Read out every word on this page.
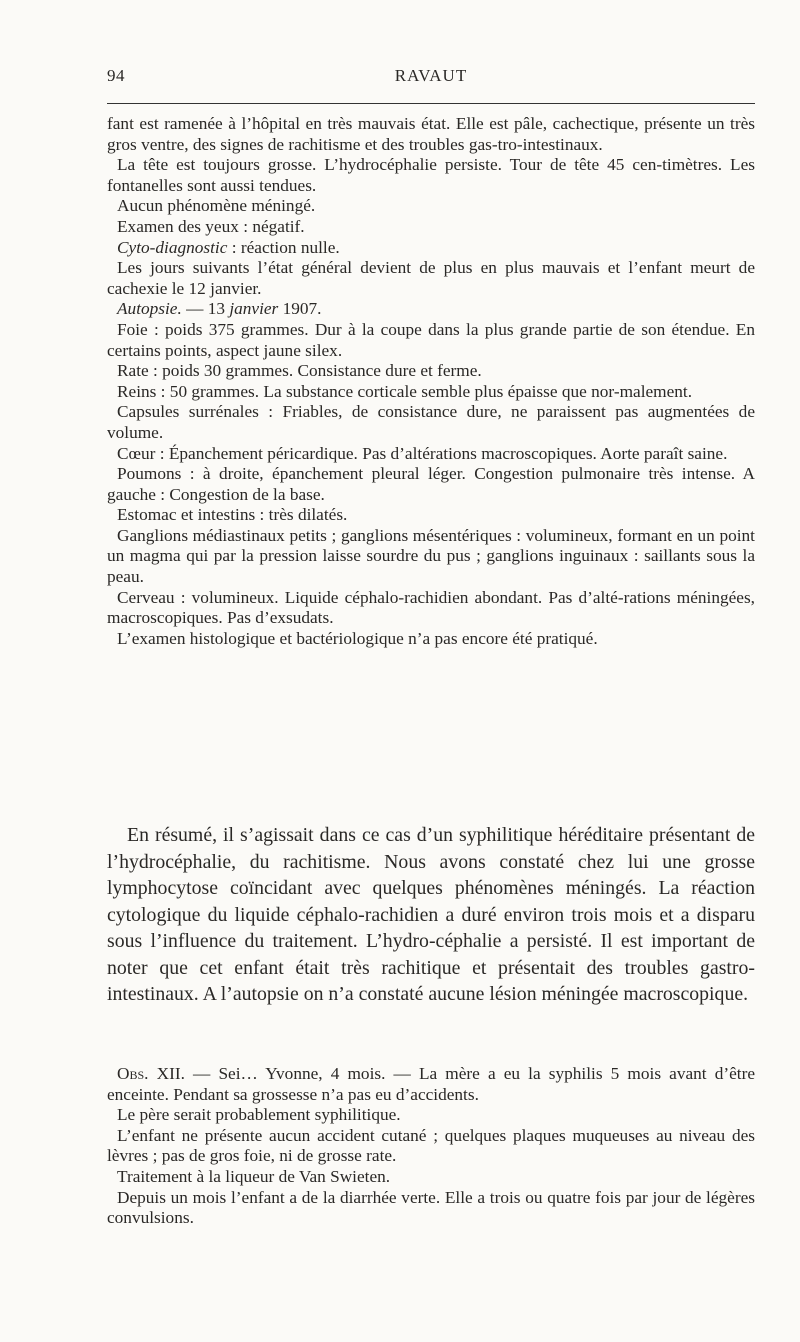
94	RAVAUT

fant est ramenée à l’hôpital en très mauvais état. Elle est pâle, cachectique, présente un très gros ventre, des signes de rachitisme et des troubles gas-tro-intestinaux.

La tête est toujours grosse. L’hydrocéphalie persiste. Tour de tête 45 cen-timètres. Les fontanelles sont aussi tendues.

Aucun phénomène méningé.

Examen des yeux : négatif.

Cyto-diagnostic : réaction nulle.

Les jours suivants l’état général devient de plus en plus mauvais et l’enfant meurt de cachexie le 12 janvier.

Autopsie. — 13 janvier 1907.

Foie : poids 375 grammes. Dur à la coupe dans la plus grande partie de son étendue. En certains points, aspect jaune silex.

Rate : poids 30 grammes. Consistance dure et ferme.

Reins : 50 grammes. La substance corticale semble plus épaisse que nor-malement.

Capsules surrénales : Friables, de consistance dure, ne paraissent pas augmentées de volume.

Cœur : Épanchement péricardique. Pas d’altérations macroscopiques. Aorte paraît saine.

Poumons : à droite, épanchement pleural léger. Congestion pulmonaire très intense. A gauche : Congestion de la base.

Estomac et intestins : très dilatés.

Ganglions médiastinaux petits ; ganglions mésentériques : volumineux, formant en un point un magma qui par la pression laisse sourdre du pus ; ganglions inguinaux : saillants sous la peau.

Cerveau : volumineux. Liquide céphalo-rachidien abondant. Pas d’alté-rations méningées, macroscopiques. Pas d’exsudats.

L’examen histologique et bactériologique n’a pas encore été pratiqué.

En résumé, il s’agissait dans ce cas d’un syphilitique héréditaire présentant de l’hydrocéphalie, du rachitisme. Nous avons constaté chez lui une grosse lymphocytose coïncidant avec quelques phénomènes méningés. La réaction cytologique du liquide céphalo-rachidien a duré environ trois mois et a disparu sous l’influence du traitement. L’hydro-céphalie a persisté. Il est important de noter que cet enfant était très rachitique et présentait des troubles gastro-intestinaux. A l’autopsie on n’a constaté aucune lésion méningée macroscopique.

Obs. XII. — Sei… Yvonne, 4 mois. — La mère a eu la syphilis 5 mois avant d’être enceinte. Pendant sa grossesse n’a pas eu d’accidents.

Le père serait probablement syphilitique.

L’enfant ne présente aucun accident cutané ; quelques plaques muqueuses au niveau des lèvres ; pas de gros foie, ni de grosse rate.

Traitement à la liqueur de Van Swieten.

Depuis un mois l’enfant a de la diarrhée verte. Elle a trois ou quatre fois par jour de légères convulsions.
